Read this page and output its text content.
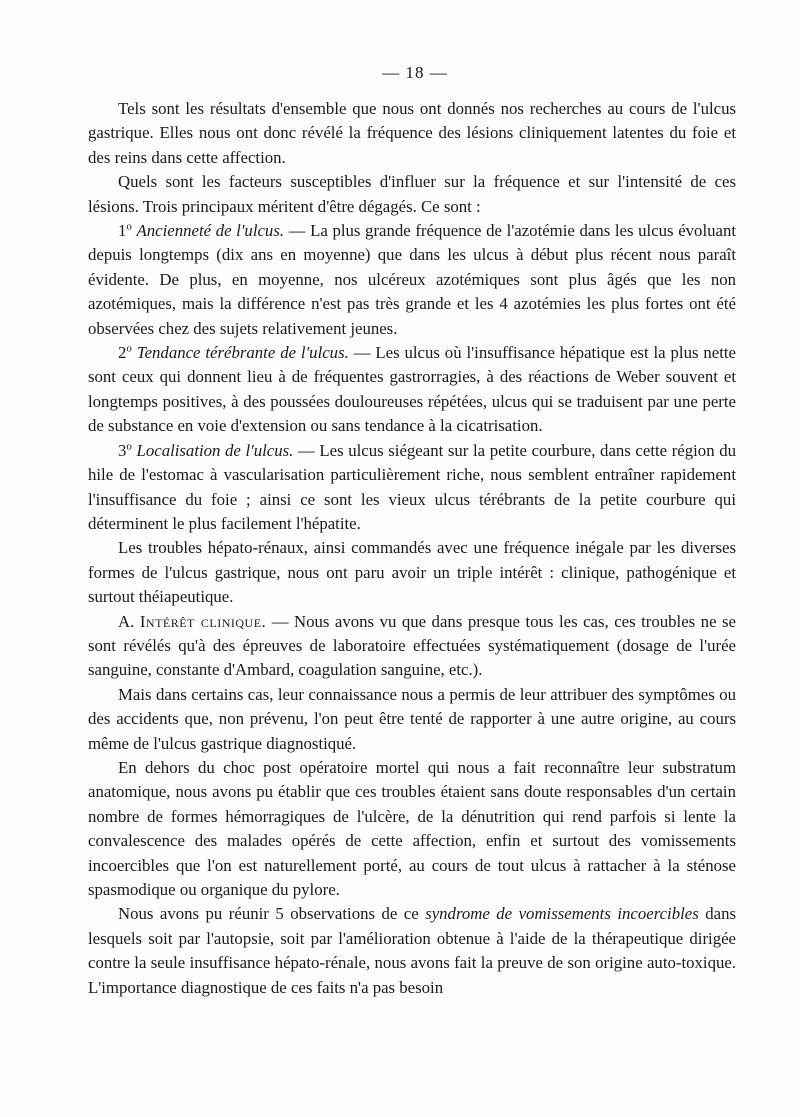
— 18 —

Tels sont les résultats d'ensemble que nous ont donnés nos recherches au cours de l'ulcus gastrique. Elles nous ont donc révélé la fréquence des lésions cliniquement latentes du foie et des reins dans cette affection.

Quels sont les facteurs susceptibles d'influer sur la fréquence et sur l'intensité de ces lésions. Trois principaux méritent d'être dégagés. Ce sont :

1$^o$ Ancienneté de l'ulcus. — La plus grande fréquence de l'azotémie dans les ulcus évoluant depuis longtemps (dix ans en moyenne) que dans les ulcus à début plus récent nous paraît évidente. De plus, en moyenne, nos ulcéreux azotémiques sont plus âgés que les non azotémiques, mais la différence n'est pas très grande et les 4 azotémies les plus fortes ont été observées chez des sujets relativement jeunes.

2$^o$ Tendance térébrante de l'ulcus. — Les ulcus où l'insuffisance hépatique est la plus nette sont ceux qui donnent lieu à de fréquentes gastrorragies, à des réactions de Weber souvent et longtemps positives, à des poussées douloureuses répétées, ulcus qui se traduisent par une perte de substance en voie d'extension ou sans tendance à la cicatrisation.

3$^o$ Localisation de l'ulcus. — Les ulcus siégeant sur la petite courbure, dans cette région du hile de l'estomac à vascularisation particulièrement riche, nous semblent entraîner rapidement l'insuffisance du foie ; ainsi ce sont les vieux ulcus térébrants de la petite courbure qui déterminent le plus facilement l'hépatite.

Les troubles hépato-rénaux, ainsi commandés avec une fréquence inégale par les diverses formes de l'ulcus gastrique, nous ont paru avoir un triple intérêt : clinique, pathogénique et surtout théiapeutique.

A. Intérêt clinique. — Nous avons vu que dans presque tous les cas, ces troubles ne se sont révélés qu'à des épreuves de laboratoire effectuées systématiquement (dosage de l'urée sanguine, constante d'Ambard, coagulation sanguine, etc.).

Mais dans certains cas, leur connaissance nous a permis de leur attribuer des symptômes ou des accidents que, non prévenu, l'on peut être tenté de rapporter à une autre origine, au cours même de l'ulcus gastrique diagnostiqué.

En dehors du choc post opératoire mortel qui nous a fait reconnaître leur substratum anatomique, nous avons pu établir que ces troubles étaient sans doute responsables d'un certain nombre de formes hémorragiques de l'ulcère, de la dénutrition qui rend parfois si lente la convalescence des malades opérés de cette affection, enfin et surtout des vomissements incoercibles que l'on est naturellement porté, au cours de tout ulcus à rattacher à la sténose spasmodique ou organique du pylore.

Nous avons pu réunir 5 observations de ce syndrome de vomissements incoercibles dans lesquels soit par l'autopsie, soit par l'amélioration obtenue à l'aide de la thérapeutique dirigée contre la seule insuffisance hépato-rénale, nous avons fait la preuve de son origine auto-toxique. L'importance diagnostique de ces faits n'a pas besoin
